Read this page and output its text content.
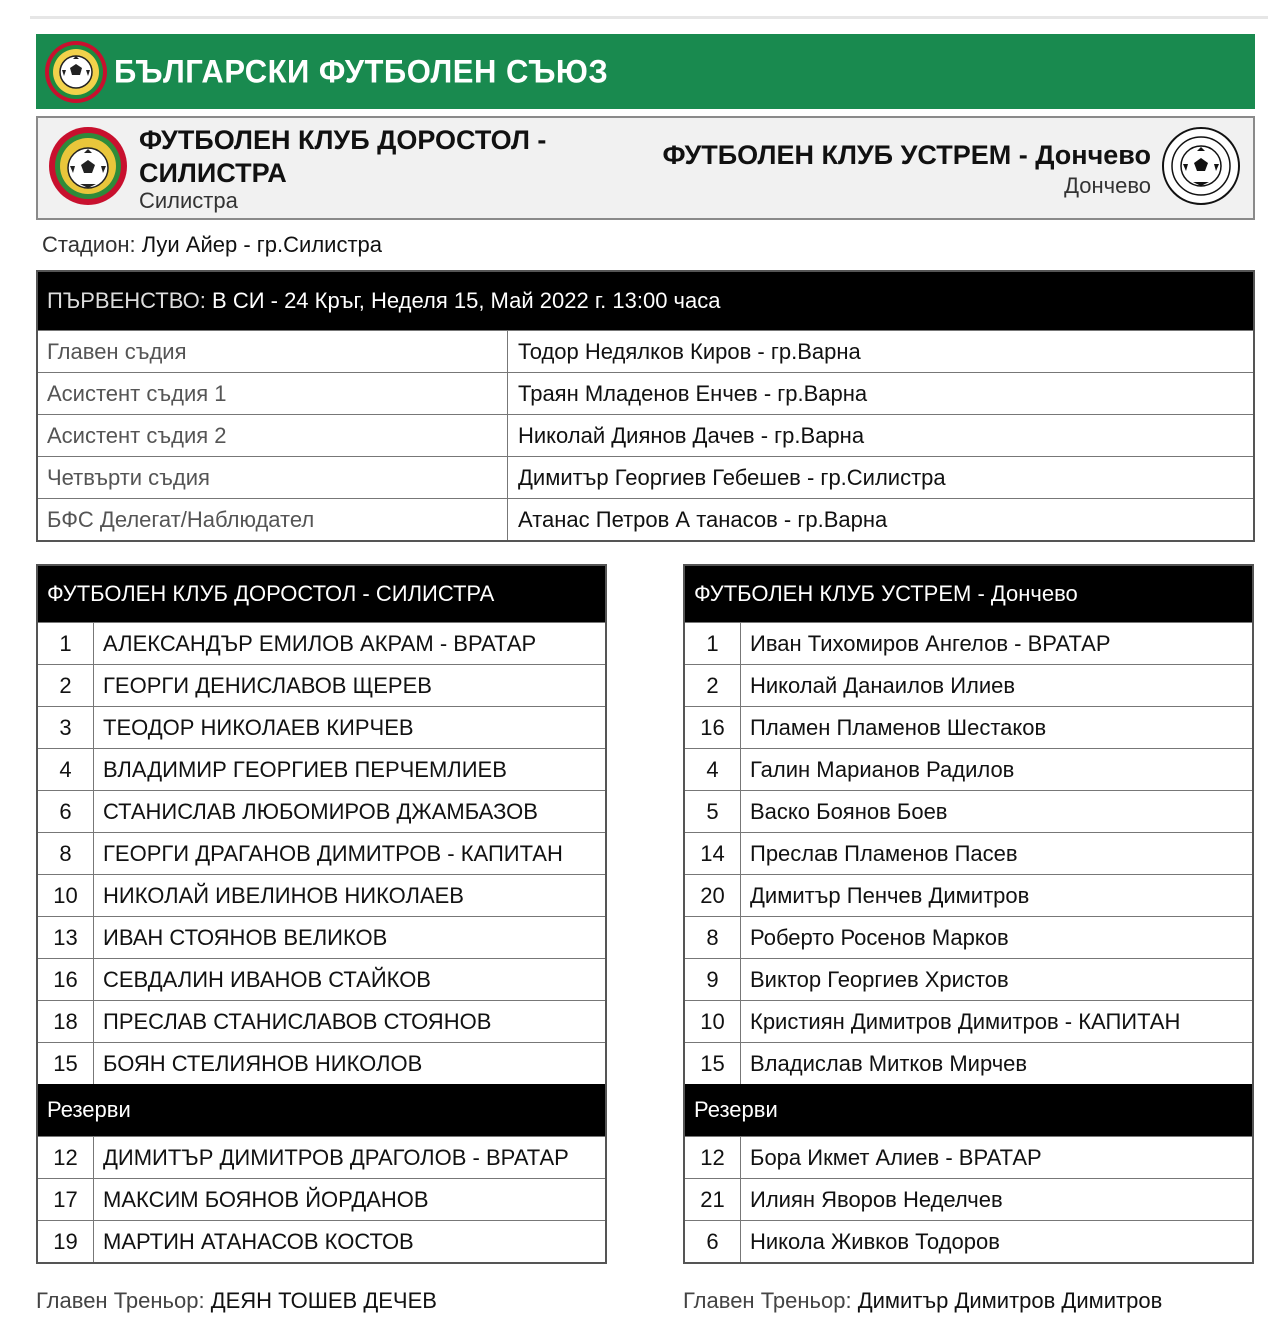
БЪЛГАРСКИ ФУТБОЛЕН СЪЮЗ
ФУТБОЛЕН КЛУБ ДОРОСТОЛ - СИЛИСТРА
Силистра
ФУТБОЛЕН КЛУБ УСТРЕМ - Дончево
Дончево
Стадион: Луи Айер - гр.Силистра
ПЪРВЕНСТВО:
В СИ - 24 Кръг, Неделя 15, Май 2022 г. 13:00 часа
Главен съдия	Тодор Недялков Киров - гр.Варна
Асистент съдия 1	Траян Младенов Енчев - гр.Варна
Асистент съдия 2	Николай Диянов Дачев - гр.Варна
Четвърти съдия	Димитър Георгиев Гебешев - гр.Силистра
БФС Делегат/Наблюдател	Атанас Петров А танасов - гр.Варна
ФУТБОЛЕН КЛУБ ДОРОСТОЛ - СИЛИСТРА
1	АЛЕКСАНДЪР ЕМИЛОВ АКРАМ - ВРАТАР
2	ГЕОРГИ ДЕНИСЛАВОВ ЩЕРЕВ
3	ТЕОДОР НИКОЛАЕВ КИРЧЕВ
4	ВЛАДИМИР ГЕОРГИЕВ ПЕРЧЕМЛИЕВ
6	СТАНИСЛАВ ЛЮБОМИРОВ ДЖАМБАЗОВ
8	ГЕОРГИ ДРАГАНОВ ДИМИТРОВ - КАПИТАН
10	НИКОЛАЙ ИВЕЛИНОВ НИКОЛАЕВ
13	ИВАН СТОЯНОВ ВЕЛИКОВ
16	СЕВДАЛИН ИВАНОВ СТАЙКОВ
18	ПРЕСЛАВ СТАНИСЛАВОВ СТОЯНОВ
15	БОЯН СТЕЛИЯНОВ НИКОЛОВ
Резерви
12	ДИМИТЪР ДИМИТРОВ ДРАГОЛОВ - ВРАТАР
17	МАКСИМ БОЯНОВ ЙОРДАНОВ
19	МАРТИН АТАНАСОВ КОСТОВ
ФУТБОЛЕН КЛУБ УСТРЕМ - Дончево
1	Иван Тихомиров Ангелов - ВРАТАР
2	Николай Данаилов Илиев
16	Пламен Пламенов Шестаков
4	Галин Марианов Радилов
5	Васко Боянов Боев
14	Преслав Пламенов Пасев
20	Димитър Пенчев Димитров
8	Роберто Росенов Марков
9	Виктор Георгиев Христов
10	Кристиян Димитров Димитров - КАПИТАН
15	Владислав Митков Мирчев
Резерви
12	Бора Икмет Алиев - ВРАТАР
21	Илиян Яворов Неделчев
6	Никола Живков Тодоров
Главен Треньор: ДЕЯН ТОШЕВ ДЕЧЕВ	Главен Треньор: Димитър Димитров Димитров
